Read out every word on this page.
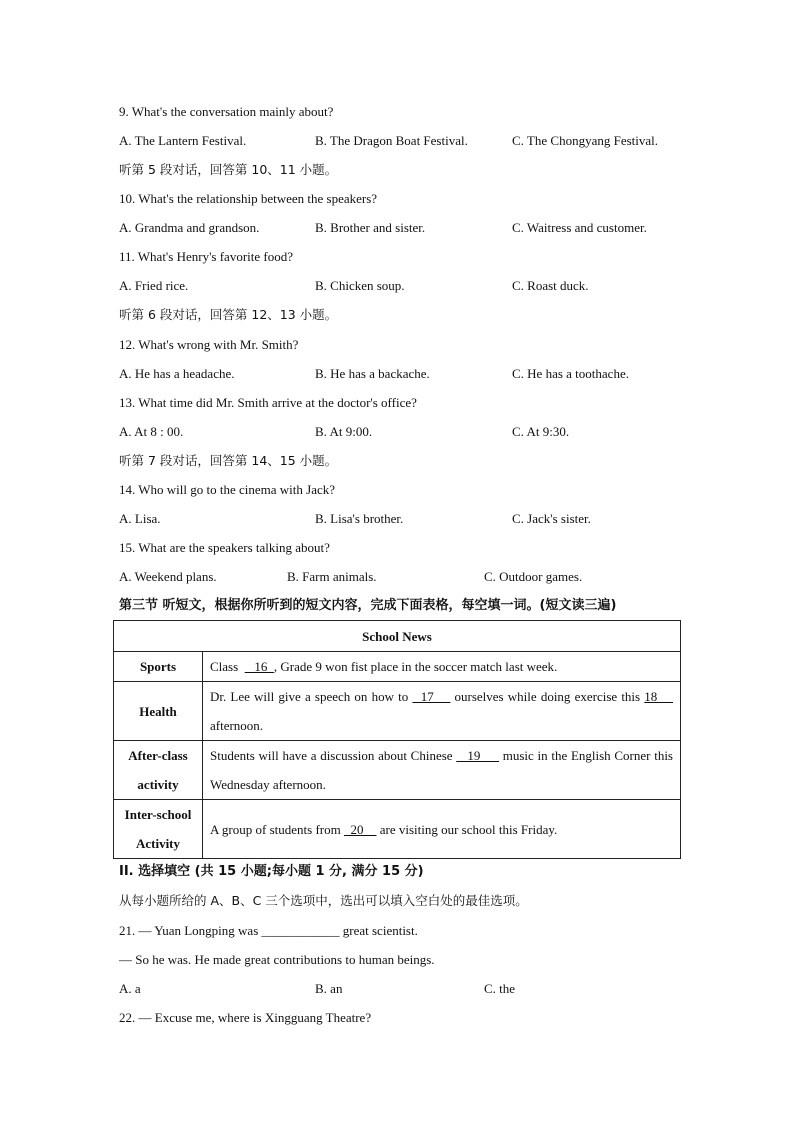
9. What's the conversation mainly about?
A. The Lantern Festival.	B. The Dragon Boat Festival.	C. The Chongyang Festival.
听第 5 段对话，回答第 10、11 小题。
10. What's the relationship between the speakers?
A. Grandma and grandson.	B. Brother and sister.	C. Waitress and customer.
11. What's Henry's favorite food?
A. Fried rice.	B. Chicken soup.	C. Roast duck.
听第 6 段对话，回答第 12、13 小题。
12. What's wrong with Mr. Smith?
A. He has a headache.	B. He has a backache.	C. He has a toothache.
13. What time did Mr. Smith arrive at the doctor's office?
A. At 8 : 00.	B. At 9:00.	C. At 9:30.
听第 7 段对话，回答第 14、15 小题。
14. Who will go to the cinema with Jack?
A. Lisa.	B. Lisa's brother.	C. Jack's sister.
15. What are the speakers talking about?
A. Weekend plans.	B. Farm animals.	C. Outdoor games.
第三节 听短文，根据你所听到的短文内容，完成下面表格，每空填一词。(短文读三遍)
School News	
Sports	Class     16  , Grade 9 won fist place in the soccer match last week.
Health	Dr. Lee will give a speech on how to   17     ourselves while doing exercise this 18     afternoon.
After-class activity	Students will have a discussion about Chinese    19      music in the English Corner this Wednesday afternoon.
Inter-school Activity	A group of students from   20     are visiting our school this Friday.
II. 选择填空 (共 15 小题;每小题 1 分, 满分 15 分)
从每小题所给的 A、B、C 三个选项中，选出可以填入空白处的最佳选项。
21. — Yuan Longping was ____________ great scientist.
— So he was. He made great contributions to human beings.
A. a	B. an	C. the
22. — Excuse me, where is Xingguang Theatre?
